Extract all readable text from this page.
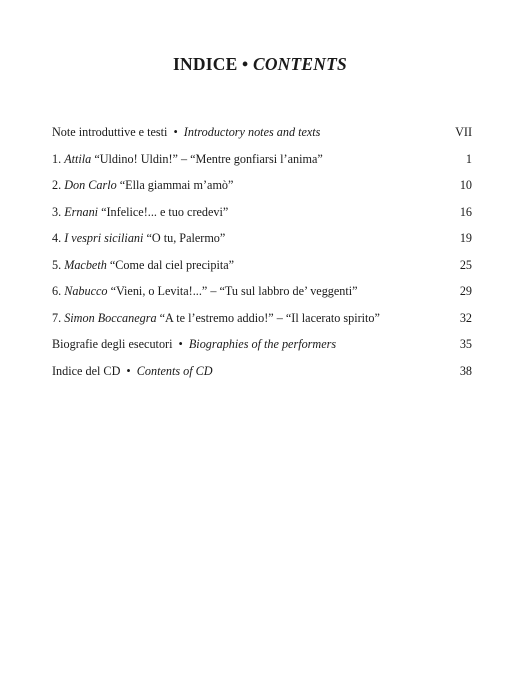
INDICE • CONTENTS
Note introduttive e testi • Introductory notes and texts	VII
1. Attila “Uldino! Uldin!” – “Mentre gonfiarsi l’anima”	1
2. Don Carlo “Ella giammai m’amò”	10
3. Ernani “Infelice!... e tuo credevi”	16
4. I vespri siciliani “O tu, Palermo”	19
5. Macbeth “Come dal ciel precipita”	25
6. Nabucco “Vieni, o Levita!...” – “Tu sul labbro de’ veggenti”	29
7. Simon Boccanegra “A te l’estremo addio!” – “Il lacerato spirito”	32
Biografie degli esecutori • Biographies of the performers	35
Indice del CD • Contents of CD	38
